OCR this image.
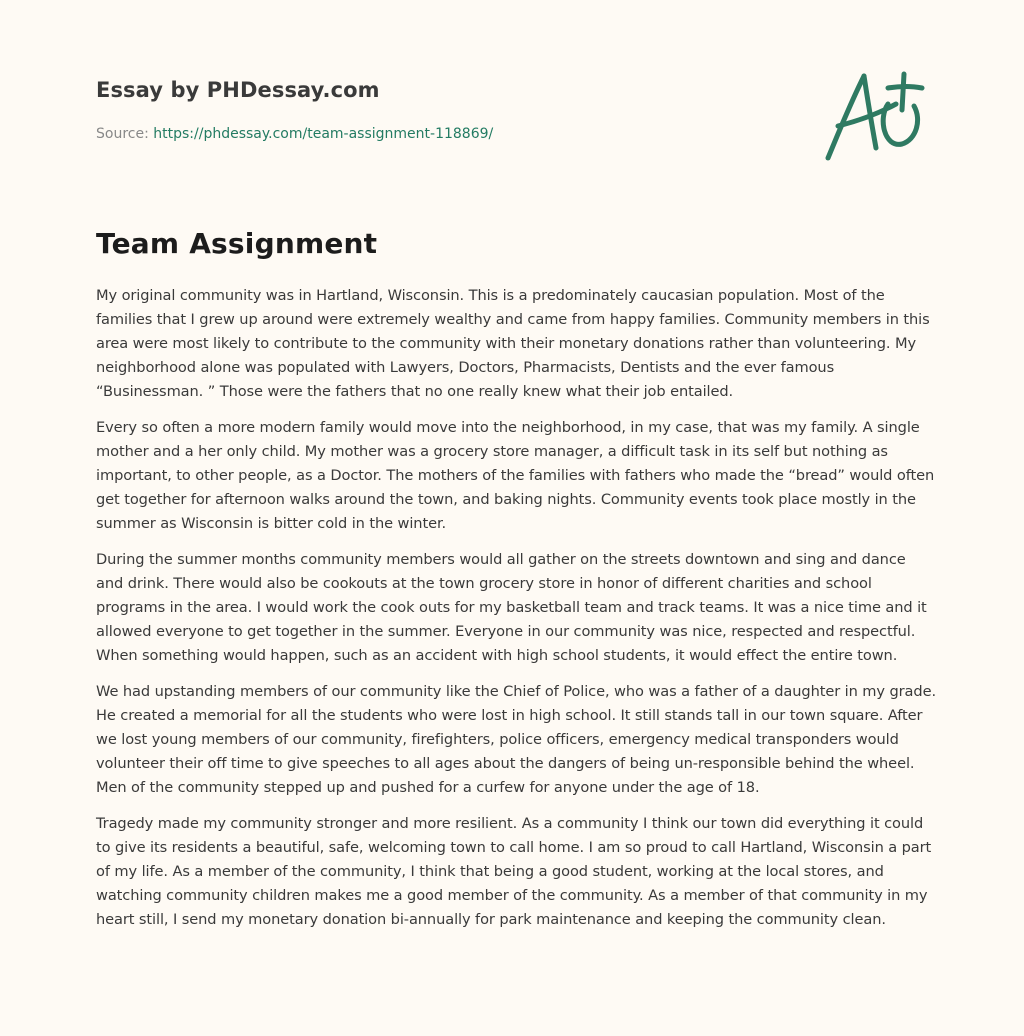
Essay by PHDessay.com
Source: https://phdessay.com/team-assignment-118869/
Team Assignment

My original community was in Hartland, Wisconsin. This is a predominately caucasian population. Most of the families that I grew up around were extremely wealthy and came from happy families. Community members in this area were most likely to contribute to the community with their monetary donations rather than volunteering. My neighborhood alone was populated with Lawyers, Doctors, Pharmacists, Dentists and the ever famous “Businessman. ” Those were the fathers that no one really knew what their job entailed.

Every so often a more modern family would move into the neighborhood, in my case, that was my family. A single mother and a her only child. My mother was a grocery store manager, a difficult task in its self but nothing as important, to other people, as a Doctor. The mothers of the families with fathers who made the “bread” would often get together for afternoon walks around the town, and baking nights. Community events took place mostly in the summer as Wisconsin is bitter cold in the winter.

During the summer months community members would all gather on the streets downtown and sing and dance and drink. There would also be cookouts at the town grocery store in honor of different charities and school programs in the area. I would work the cook outs for my basketball team and track teams. It was a nice time and it allowed everyone to get together in the summer. Everyone in our community was nice, respected and respectful. When something would happen, such as an accident with high school students, it would effect the entire town.

We had upstanding members of our community like the Chief of Police, who was a father of a daughter in my grade. He created a memorial for all the students who were lost in high school. It still stands tall in our town square. After we lost young members of our community, firefighters, police officers, emergency medical transponders would volunteer their off time to give speeches to all ages about the dangers of being un-responsible behind the wheel. Men of the community stepped up and pushed for a curfew for anyone under the age of 18.

Tragedy made my community stronger and more resilient. As a community I think our town did everything it could to give its residents a beautiful, safe, welcoming town to call home. I am so proud to call Hartland, Wisconsin a part of my life. As a member of the community, I think that being a good student, working at the local stores, and watching community children makes me a good member of the community. As a member of that community in my heart still, I send my monetary donation bi-annually for park maintenance and keeping the community clean.
